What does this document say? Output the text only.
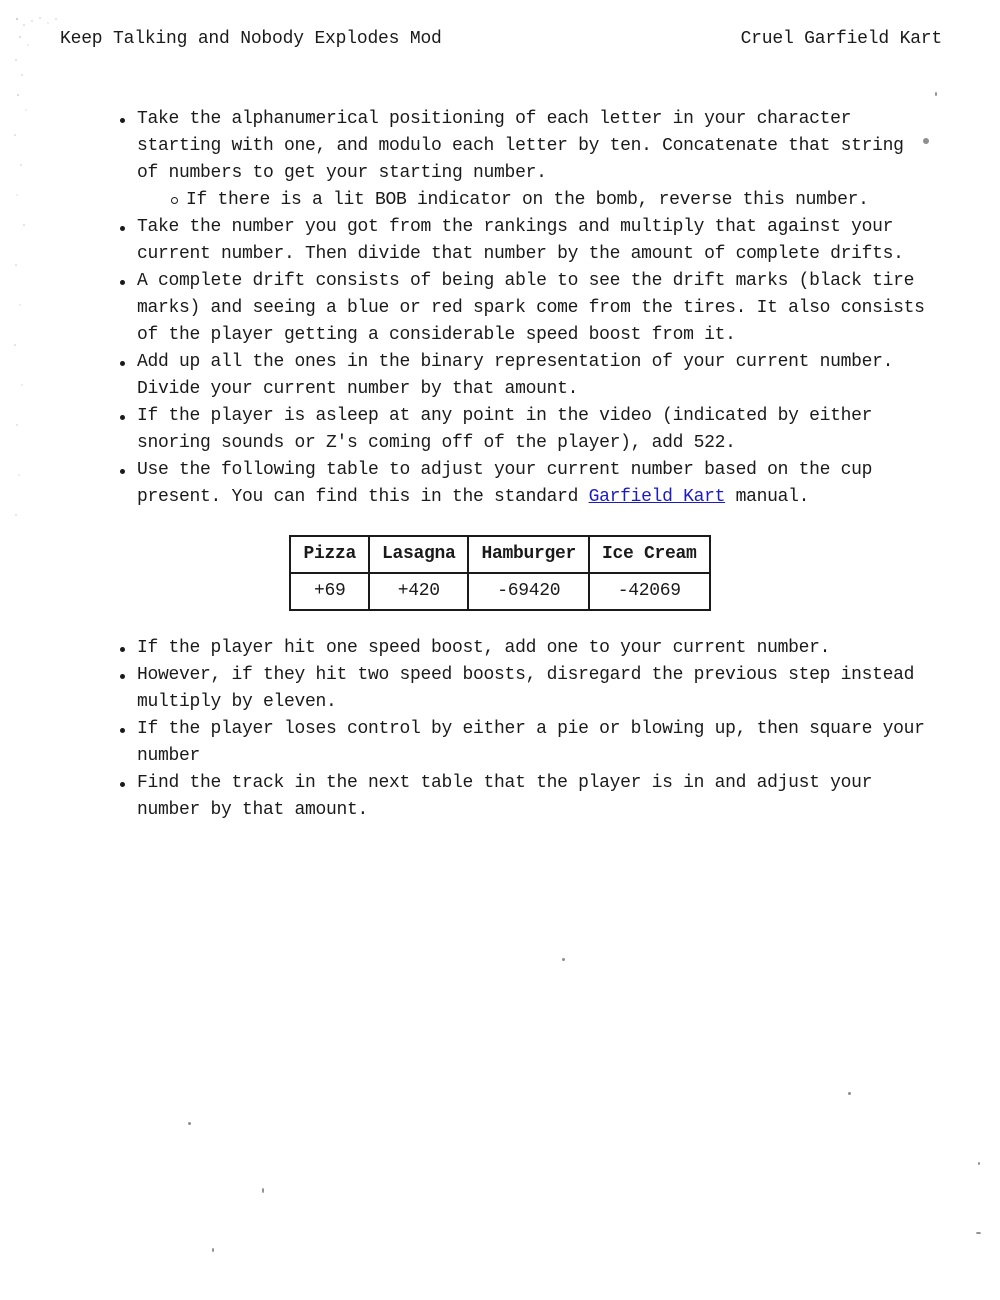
Keep Talking and Nobody Explodes Mod	Cruel Garfield Kart
Take the alphanumerical positioning of each letter in your character starting with one, and modulo each letter by ten. Concatenate that string of numbers to get your starting number.
If there is a lit BOB indicator on the bomb, reverse this number.
Take the number you got from the rankings and multiply that against your current number. Then divide that number by the amount of complete drifts.
A complete drift consists of being able to see the drift marks (black tire marks) and seeing a blue or red spark come from the tires. It also consists of the player getting a considerable speed boost from it.
Add up all the ones in the binary representation of your current number. Divide your current number by that amount.
If the player is asleep at any point in the video (indicated by either snoring sounds or Z's coming off of the player), add 522.
Use the following table to adjust your current number based on the cup present. You can find this in the standard Garfield Kart manual.
Pizza	Lasagna	Hamburger	Ice Cream
+69	+420	-69420	-42069
If the player hit one speed boost, add one to your current number.
However, if they hit two speed boosts, disregard the previous step instead multiply by eleven.
If the player loses control by either a pie or blowing up, then square your number
Find the track in the next table that the player is in and adjust your number by that amount.
